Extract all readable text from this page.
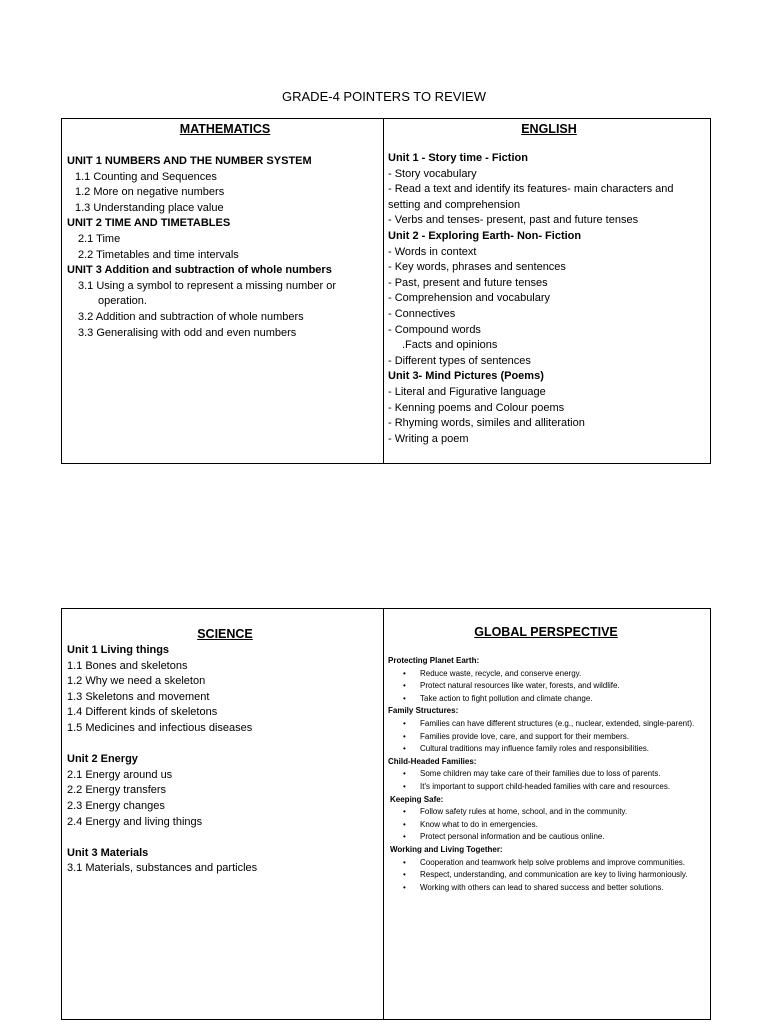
GRADE-4 POINTERS TO REVIEW
MATHEMATICS
UNIT 1 NUMBERS AND THE NUMBER SYSTEM
1.1 Counting and Sequences
1.2 More on negative numbers
1.3 Understanding place value
UNIT 2 TIME AND TIMETABLES
2.1 Time
2.2 Timetables and time intervals
UNIT 3 Addition and subtraction of whole numbers
3.1 Using a symbol to represent a missing number or
operation.
3.2 Addition and subtraction of whole numbers
3.3 Generalising with odd and even numbers

ENGLISH
Unit 1 - Story time - Fiction
- Story vocabulary
- Read a text and identify its features- main characters and
setting and comprehension
- Verbs and tenses- present, past and future tenses
Unit 2 - Exploring Earth- Non- Fiction
- Words in context
- Key words, phrases and sentences
- Past, present and future tenses
- Comprehension and vocabulary
- Connectives
- Compound words
.Facts and opinions
- Different types of sentences
Unit 3- Mind Pictures (Poems)
- Literal and Figurative language
- Kenning poems and Colour poems
- Rhyming words, similes and alliteration
- Writing a poem
SCIENCE
Unit 1 Living things
1.1 Bones and skeletons
1.2 Why we need a skeleton
1.3 Skeletons and movement
1.4 Different kinds of skeletons
1.5 Medicines and infectious diseases

Unit 2 Energy
2.1 Energy around us
2.2 Energy transfers
2.3 Energy changes
2.4 Energy and living things

Unit 3 Materials
3.1 Materials, substances and particles

GLOBAL PERSPECTIVE
Protecting Planet Earth:
• Reduce waste, recycle, and conserve energy.
• Protect natural resources like water, forests, and wildlife.
• Take action to fight pollution and climate change.
Family Structures:
• Families can have different structures (e.g., nuclear, extended, single-parent).
• Families provide love, care, and support for their members.
• Cultural traditions may influence family roles and responsibilities.
Child-Headed Families:
• Some children may take care of their families due to loss of parents.
• It's important to support child-headed families with care and resources.
Keeping Safe:
• Follow safety rules at home, school, and in the community.
• Know what to do in emergencies.
• Protect personal information and be cautious online.
Working and Living Together:
• Cooperation and teamwork help solve problems and improve communities.
• Respect, understanding, and communication are key to living harmoniously.
• Working with others can lead to shared success and better solutions.
